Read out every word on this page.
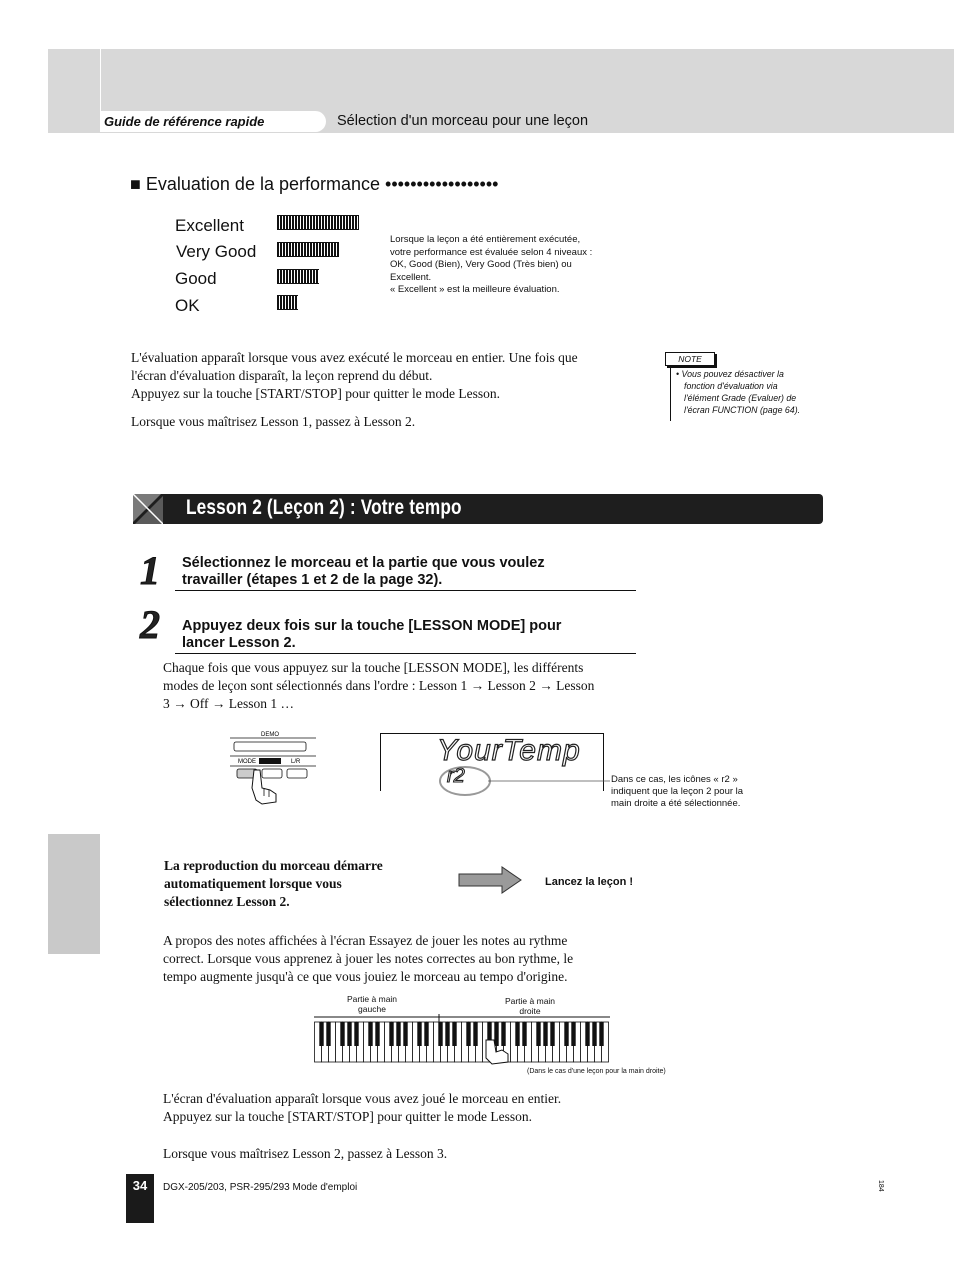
Guide de référence rapide	Sélection d'un morceau pour une leçon
■ Evaluation de la performance ••••••••••••••••••
Excellent
Very Good
Good
OK
Lorsque la leçon a été entièrement exécutée,
votre performance est évaluée selon 4 niveaux :
OK, Good (Bien), Very Good (Très bien) ou
Excellent.
« Excellent » est la meilleure évaluation.
L'évaluation apparaît lorsque vous avez exécuté le morceau en entier. Une fois que
l'écran d'évaluation disparaît, la leçon reprend du début.
Appuyez sur la touche [START/STOP] pour quitter le mode Lesson.
Lorsque vous maîtrisez Lesson 1, passez à Lesson 2.
NOTE
• Vous pouvez désactiver la
fonction d'évaluation via
l'élément Grade (Evaluer) de
l'écran FUNCTION (page 64).
Lesson 2 (Leçon 2) : Votre tempo
1 Sélectionnez le morceau et la partie que vous voulez
travailler (étapes 1 et 2 de la page 32).
2 Appuyez deux fois sur la touche [LESSON MODE] pour
lancer Lesson 2.
Chaque fois que vous appuyez sur la touche [LESSON MODE], les différents
modes de leçon sont sélectionnés dans l'ordre : Lesson 1 → Lesson 2 → Lesson
3 → Off → Lesson 1 …
DEMO
MODE	L/R	YourTemp
r2	Dans ce cas, les icônes « r2 »
indiquent que la leçon 2 pour la
main droite a été sélectionnée.
La reproduction du morceau démarre
automatiquement lorsque vous
sélectionnez Lesson 2.
Lancez la leçon !
A propos des notes affichées à l'écran Essayez de jouer les notes au rythme
correct. Lorsque vous apprenez à jouer les notes correctes au bon rythme, le
tempo augmente jusqu'à ce que vous jouiez le morceau au tempo d'origine.
Partie à main
gauche
Partie à main
droite
(Dans le cas d'une leçon pour la main droite)
L'écran d'évaluation apparaît lorsque vous avez joué le morceau en entier.
Appuyez sur la touche [START/STOP] pour quitter le mode Lesson.
Lorsque vous maîtrisez Lesson 2, passez à Lesson 3.
34	DGX-205/203, PSR-295/293 Mode d'emploi	184
